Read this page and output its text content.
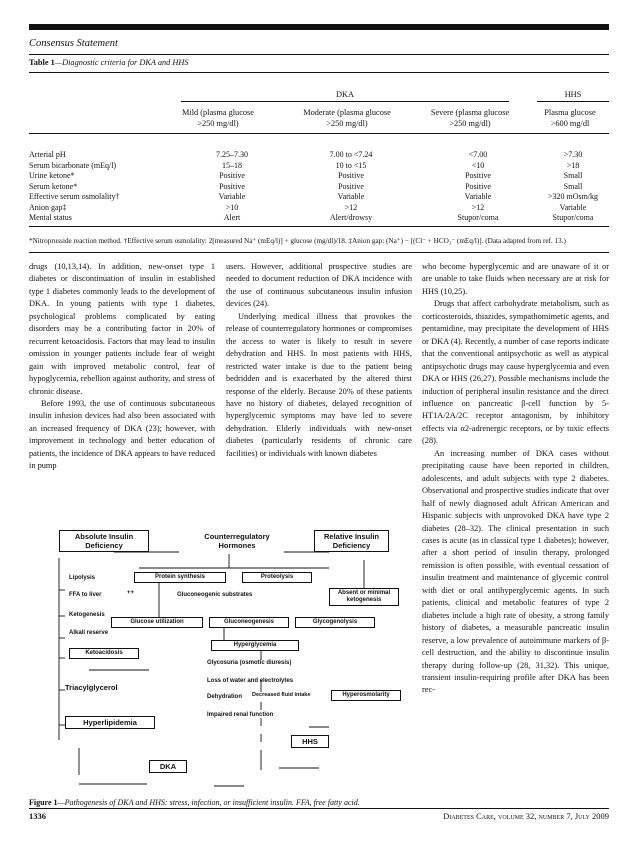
Consensus Statement
Table 1—Diagnostic criteria for DKA and HHS
DKA	HHS
Mild (plasma glucose
>250 mg/dl)
Moderate (plasma glucose
>250 mg/dl)
Severe (plasma glucose
>250 mg/dl)
Plasma glucose
>600 mg/dl
Arterial pH	7.25–7.30	7.00 to <7.24	<7.00	>7.30
Serum bicarbonate (mEq/l)	15–18	10 to <15	<10	>18
Urine ketone*	Positive	Positive	Positive	Small
Serum ketone*	Positive	Positive	Positive	Small
Effective serum osmolality†	Variable	Variable	Variable	>320 mOsm/kg
Anion gap‡	>10	>12	>12	Variable
Mental status	Alert	Alert/drowsy	Stupor/coma	Stupor/coma
*Nitroprusside reaction method. †Effective serum osmolality: 2[measured Na⁺ (mEq/l)] + glucose (mg/dl)/18. ‡Anion gap: (Na⁺) − [(Cl⁻ + HCO₃⁻ (mEq/l)]. (Data adapted from ref. 13.)

drugs (10,13,14). In addition, new-onset type 1 diabetes or discontinuation of insulin in established type 1 diabetes commonly leads to the development of DKA. In young patients with type 1 diabetes, psychological problems complicated by eating disorders may be a contributing factor in 20% of recurrent ketoacidosis. Factors that may lead to insulin omission in younger patients include fear of weight gain with improved metabolic control, fear of hypoglycemia, rebellion against authority, and stress of chronic disease.

Before 1993, the use of continuous subcutaneous insulin infusion devices had also been associated with an increased frequency of DKA (23); however, with improvement in technology and better education of patients, the incidence of DKA appears to have reduced in pump

users. However, additional prospective studies are needed to document reduction of DKA incidence with the use of continuous subcutaneous insulin infusion devices (24).

Underlying medical illness that provokes the release of counterregulatory hormones or compromises the access to water is likely to result in severe dehydration and HHS. In most patients with HHS, restricted water intake is due to the patient being bedridden and is exacerbated by the altered thirst response of the elderly. Because 20% of these patients have no history of diabetes, delayed recognition of hyperglycemic symptoms may have led to severe dehydration. Elderly individuals with new-onset diabetes (particularly residents of chronic care facilities) or individuals with known diabetes

who become hyperglycemic and are unaware of it or are unable to take fluids when necessary are at risk for HHS (10,25).

Drugs that affect carbohydrate metabolism, such as corticosteroids, thiazides, sympathomimetic agents, and pentamidine, may precipitate the development of HHS or DKA (4). Recently, a number of case reports indicate that the conventional antipsychotic as well as atypical antipsychotic drugs may cause hyperglycemia and even DKA or HHS (26,27). Possible mechanisms include the induction of peripheral insulin resistance and the direct influence on pancreatic β-cell function by 5-HT1A/2A/2C receptor antagonism, by inhibitory effects via α2-adrenergic receptors, or by toxic effects (28).

An increasing number of DKA cases without precipitating cause have been reported in children, adolescents, and adult subjects with type 2 diabetes. Observational and prospective studies indicate that over half of newly diagnosed adult African American and Hispanic subjects with unprovoked DKA have type 2 diabetes (28–32). The clinical presentation in such cases is acute (as in classical type 1 diabetes); however, after a short period of insulin therapy, prolonged remission is often possible, with eventual cessation of insulin treatment and maintenance of glycemic control with diet or oral antihyperglycemic agents. In such patients, clinical and metabolic features of type 2 diabetes include a high rate of obesity, a strong family history of diabetes, a measurable pancreatic insulin reserve, a low prevalence of autoimmune markers of β-cell destruction, and the ability to discontinue insulin therapy during follow-up (28, 31,32). This unique, transient insulin-requiring profile after DKA has been rec-

Absolute Insulin Deficiency
Counterregulatory Hormones
Relative Insulin Deficiency
Lipolysis
FFA to liver	++
Protein synthesis	Proteolysis
Absent or minimal ketogenesis
Gluconeogenic substrates
Ketogenesis
Alkali reserve
Glucose utilization	Gluconeogenesis	Glycogenolysis
Hyperglycemia
Ketoacidosis
Glycosuria (osmotic diuresis)
Loss of water and electrolytes
Dehydration Decreased fluid intake	Hyperosmolarity
Triacylglycerol
Hyperlipidemia
Impaired renal function
HHS
DKA
Figure 1—Pathogenesis of DKA and HHS: stress, infection, or insufficient insulin. FFA, free fatty acid.
1336	Diabetes Care, volume 32, number 7, July 2009
